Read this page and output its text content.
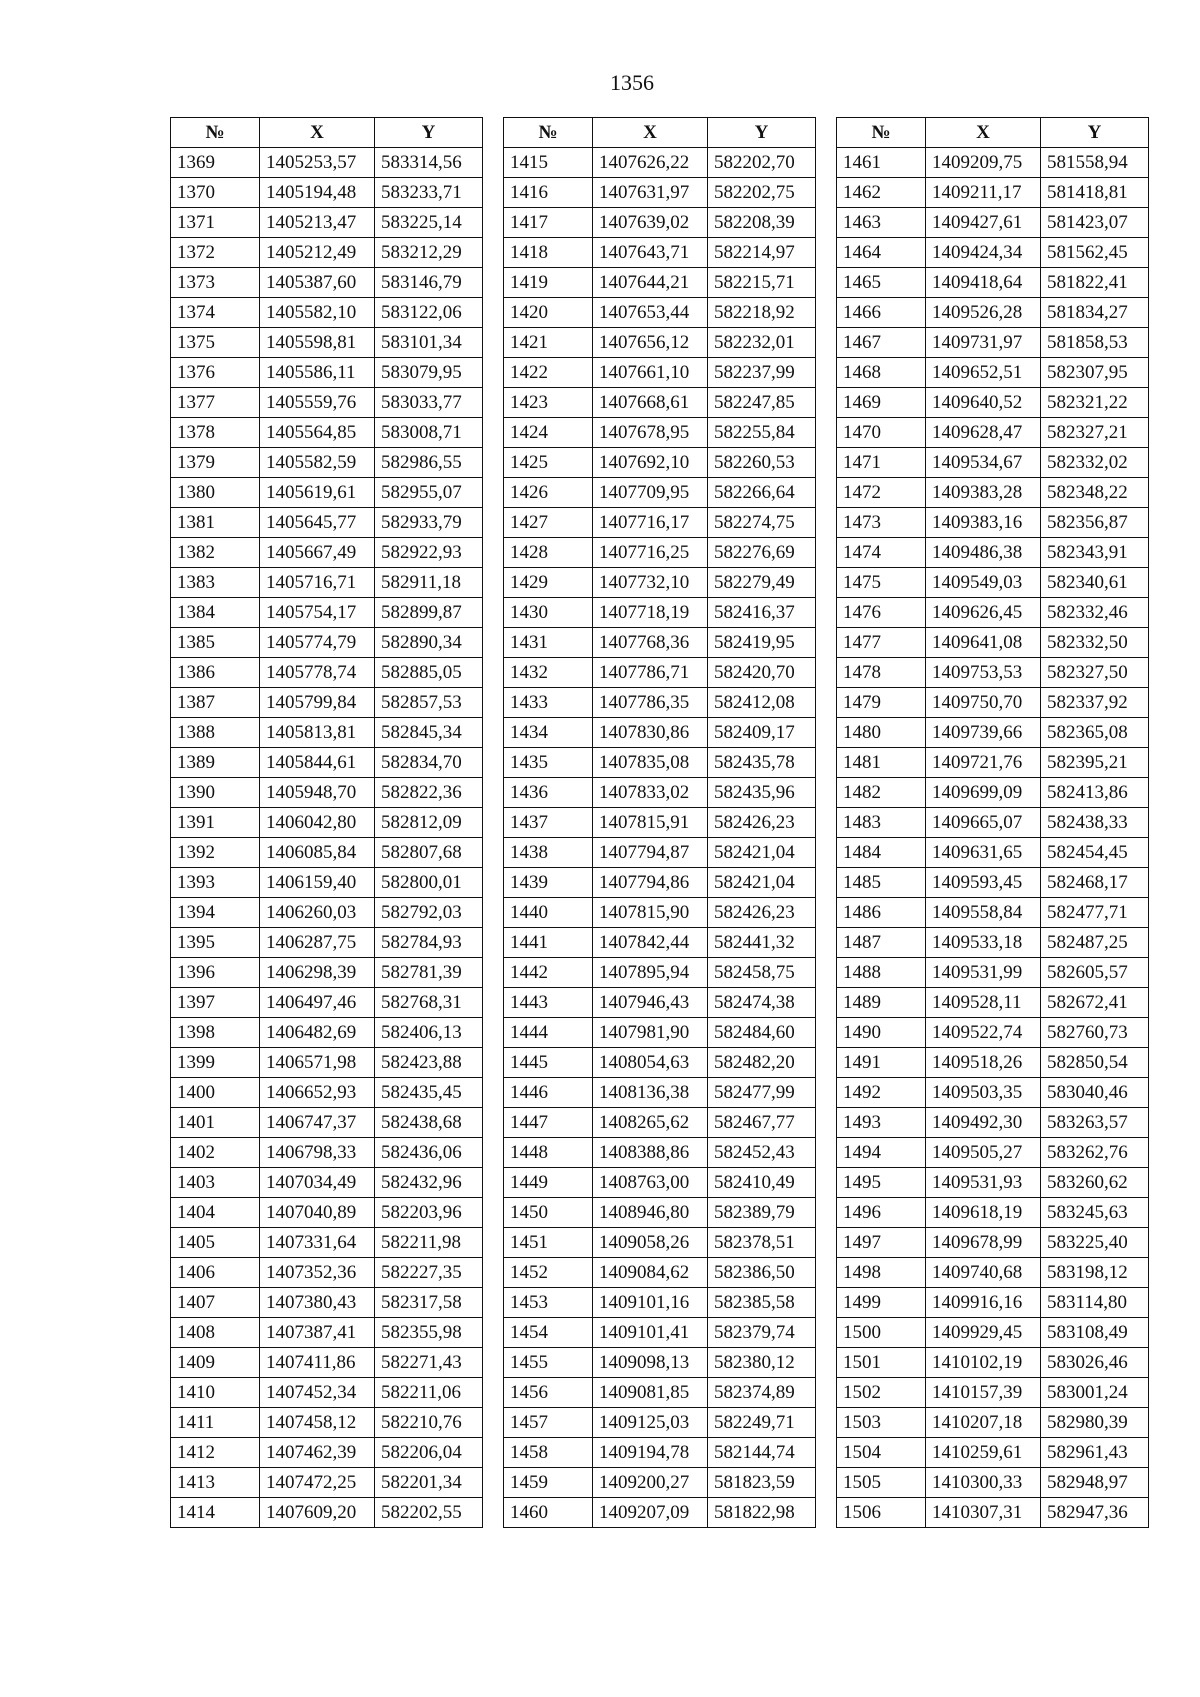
1356
№	X	Y
1369	1405253,57	583314,56
1370	1405194,48	583233,71
1371	1405213,47	583225,14
1372	1405212,49	583212,29
1373	1405387,60	583146,79
1374	1405582,10	583122,06
1375	1405598,81	583101,34
1376	1405586,11	583079,95
1377	1405559,76	583033,77
1378	1405564,85	583008,71
1379	1405582,59	582986,55
1380	1405619,61	582955,07
1381	1405645,77	582933,79
1382	1405667,49	582922,93
1383	1405716,71	582911,18
1384	1405754,17	582899,87
1385	1405774,79	582890,34
1386	1405778,74	582885,05
1387	1405799,84	582857,53
1388	1405813,81	582845,34
1389	1405844,61	582834,70
1390	1405948,70	582822,36
1391	1406042,80	582812,09
1392	1406085,84	582807,68
1393	1406159,40	582800,01
1394	1406260,03	582792,03
1395	1406287,75	582784,93
1396	1406298,39	582781,39
1397	1406497,46	582768,31
1398	1406482,69	582406,13
1399	1406571,98	582423,88
1400	1406652,93	582435,45
1401	1406747,37	582438,68
1402	1406798,33	582436,06
1403	1407034,49	582432,96
1404	1407040,89	582203,96
1405	1407331,64	582211,98
1406	1407352,36	582227,35
1407	1407380,43	582317,58
1408	1407387,41	582355,98
1409	1407411,86	582271,43
1410	1407452,34	582211,06
1411	1407458,12	582210,76
1412	1407462,39	582206,04
1413	1407472,25	582201,34
1414	1407609,20	582202,55
№	X	Y
1415	1407626,22	582202,70
1416	1407631,97	582202,75
1417	1407639,02	582208,39
1418	1407643,71	582214,97
1419	1407644,21	582215,71
1420	1407653,44	582218,92
1421	1407656,12	582232,01
1422	1407661,10	582237,99
1423	1407668,61	582247,85
1424	1407678,95	582255,84
1425	1407692,10	582260,53
1426	1407709,95	582266,64
1427	1407716,17	582274,75
1428	1407716,25	582276,69
1429	1407732,10	582279,49
1430	1407718,19	582416,37
1431	1407768,36	582419,95
1432	1407786,71	582420,70
1433	1407786,35	582412,08
1434	1407830,86	582409,17
1435	1407835,08	582435,78
1436	1407833,02	582435,96
1437	1407815,91	582426,23
1438	1407794,87	582421,04
1439	1407794,86	582421,04
1440	1407815,90	582426,23
1441	1407842,44	582441,32
1442	1407895,94	582458,75
1443	1407946,43	582474,38
1444	1407981,90	582484,60
1445	1408054,63	582482,20
1446	1408136,38	582477,99
1447	1408265,62	582467,77
1448	1408388,86	582452,43
1449	1408763,00	582410,49
1450	1408946,80	582389,79
1451	1409058,26	582378,51
1452	1409084,62	582386,50
1453	1409101,16	582385,58
1454	1409101,41	582379,74
1455	1409098,13	582380,12
1456	1409081,85	582374,89
1457	1409125,03	582249,71
1458	1409194,78	582144,74
1459	1409200,27	581823,59
1460	1409207,09	581822,98
№	X	Y
1461	1409209,75	581558,94
1462	1409211,17	581418,81
1463	1409427,61	581423,07
1464	1409424,34	581562,45
1465	1409418,64	581822,41
1466	1409526,28	581834,27
1467	1409731,97	581858,53
1468	1409652,51	582307,95
1469	1409640,52	582321,22
1470	1409628,47	582327,21
1471	1409534,67	582332,02
1472	1409383,28	582348,22
1473	1409383,16	582356,87
1474	1409486,38	582343,91
1475	1409549,03	582340,61
1476	1409626,45	582332,46
1477	1409641,08	582332,50
1478	1409753,53	582327,50
1479	1409750,70	582337,92
1480	1409739,66	582365,08
1481	1409721,76	582395,21
1482	1409699,09	582413,86
1483	1409665,07	582438,33
1484	1409631,65	582454,45
1485	1409593,45	582468,17
1486	1409558,84	582477,71
1487	1409533,18	582487,25
1488	1409531,99	582605,57
1489	1409528,11	582672,41
1490	1409522,74	582760,73
1491	1409518,26	582850,54
1492	1409503,35	583040,46
1493	1409492,30	583263,57
1494	1409505,27	583262,76
1495	1409531,93	583260,62
1496	1409618,19	583245,63
1497	1409678,99	583225,40
1498	1409740,68	583198,12
1499	1409916,16	583114,80
1500	1409929,45	583108,49
1501	1410102,19	583026,46
1502	1410157,39	583001,24
1503	1410207,18	582980,39
1504	1410259,61	582961,43
1505	1410300,33	582948,97
1506	1410307,31	582947,36
